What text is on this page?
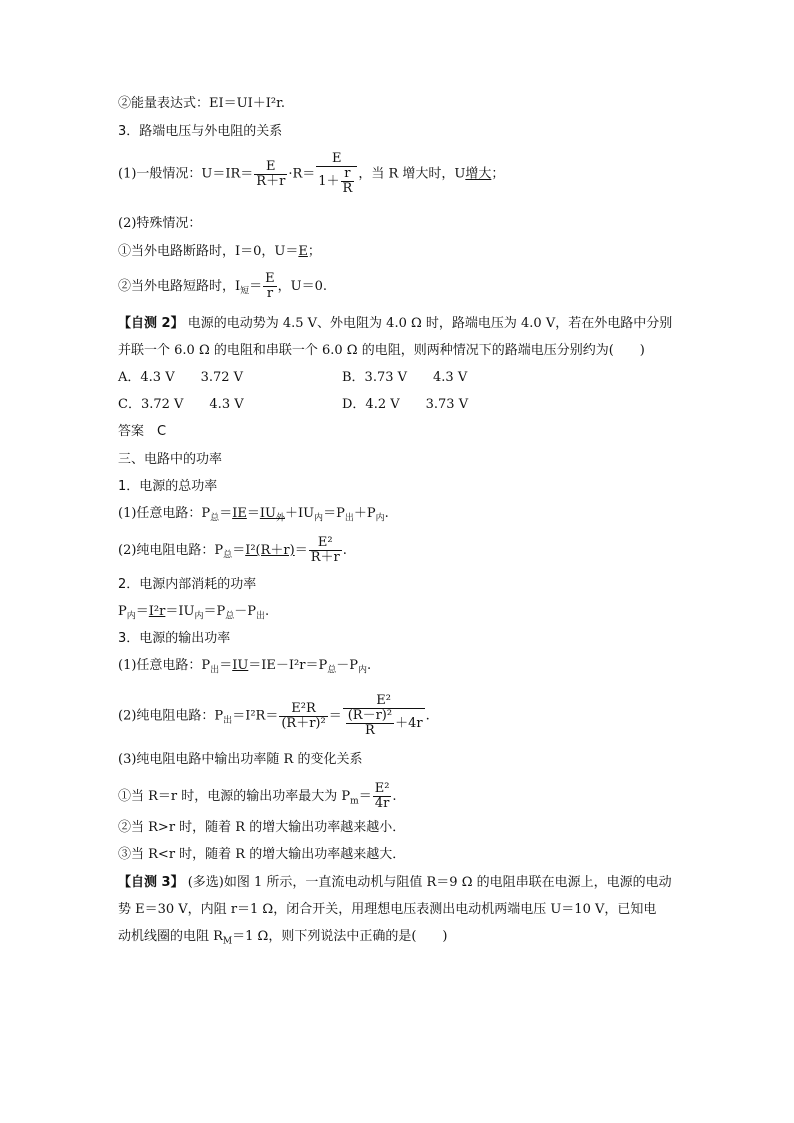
②能量表达式：EI＝UI＋I²r.
3．路端电压与外电阻的关系
(1)一般情况：$U=IR= \frac{E}{R+r} \cdot R= \frac{E}{1+ \frac{r}{R}}$ ，当 R 增大时，U增大；
(2)特殊情况：
①当外电路断路时，I＝0，U＝E；
②当外电路短路时，$I_短= \frac{E}{r}$ ，U＝0.
【自测 2】 电源的电动势为 4.5 V、外电阻为 4.0 Ω 时，路端电压为 4.0 V，若在外电路中分别
并联一个 6.0 Ω 的电阻和串联一个 6.0 Ω 的电阻，则两种情况下的路端电压分别约为(　　)
A．4.3 V　　3.72 V	B．3.73 V　　4.3 V
C．3.72 V　　4.3 V	D．4.2 V　　3.73 V
答案　C
三、电路中的功率
1．电源的总功率
(1)任意电路：$P_总=IE=IU_外+IU_内=P_出+P_内$.
(2)纯电阻电路：$P_总=I^2(R+r)= \frac{\text{E²}}{R+r}$ .
2．电源内部消耗的功率
$P_内=I^2r=IU_内=P_总-P_出$.
3．电源的输出功率
(1)任意电路：$P_出=IU=IE-I^2r=P_总-P_内$.
(2)纯电阻电路：$P_出=I^2R= \frac{\text{E²R}}{\text{(R＋r)²}} = \frac{\text{E²}}{\frac{\text{(R－r)²}}{R} +4r}$ .
(3)纯电阻电路中输出功率随 R 的变化关系
①当 R＝r 时，电源的输出功率最大为 $P_m= \frac{\text{E²}}{4r}$ .
②当 R>r 时，随着 R 的增大输出功率越来越小．
③当 R<r 时，随着 R 的增大输出功率越来越大．
【自测 3】 (多选)如图 1 所示，一直流电动机与阻值 R＝9 Ω 的电阻串联在电源上，电源的电动
势 E＝30 V，内阻 r＝1 Ω，闭合开关，用理想电压表测出电动机两端电压 U＝10 V，已知电
动机线圈的电阻 $R_M=1$ Ω，则下列说法中正确的是(　　)
